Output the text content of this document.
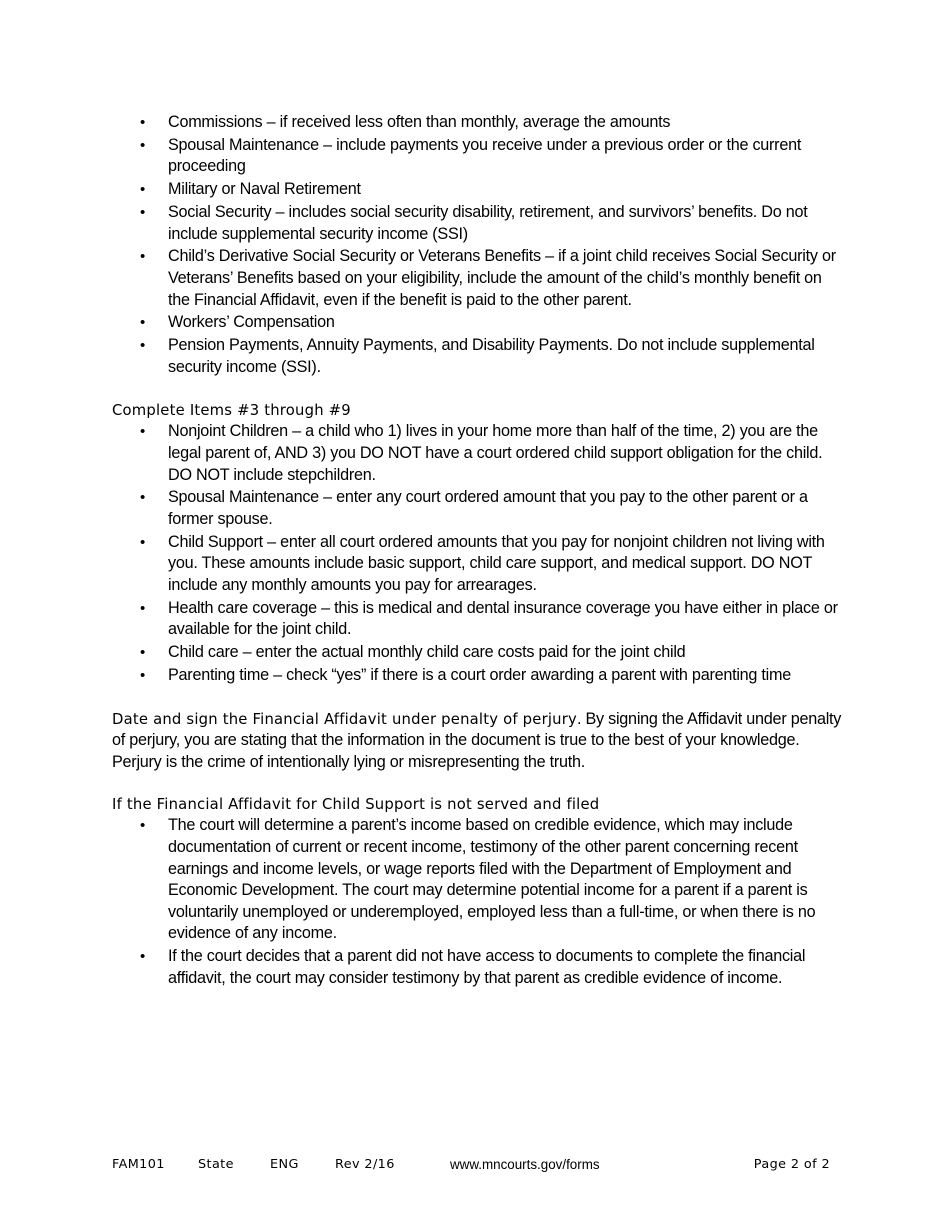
• Commissions – if received less often than monthly, average the amounts
• Spousal Maintenance – include payments you receive under a previous order or the current proceeding
• Military or Naval Retirement
• Social Security – includes social security disability, retirement, and survivors’ benefits. Do not include supplemental security income (SSI)
• Child’s Derivative Social Security or Veterans Benefits – if a joint child receives Social Security or Veterans’ Benefits based on your eligibility, include the amount of the child’s monthly benefit on the Financial Affidavit, even if the benefit is paid to the other parent.
• Workers’ Compensation
• Pension Payments, Annuity Payments, and Disability Payments. Do not include supplemental security income (SSI).

Complete Items #3 through #9

• Nonjoint Children – a child who 1) lives in your home more than half of the time, 2) you are the legal parent of, AND 3) you DO NOT have a court ordered child support obligation for the child. DO NOT include stepchildren.
• Spousal Maintenance – enter any court ordered amount that you pay to the other parent or a former spouse.
• Child Support – enter all court ordered amounts that you pay for nonjoint children not living with you. These amounts include basic support, child care support, and medical support. DO NOT include any monthly amounts you pay for arrearages.
• Health care coverage – this is medical and dental insurance coverage you have either in place or available for the joint child.
• Child care – enter the actual monthly child care costs paid for the joint child
• Parenting time – check “yes” if there is a court order awarding a parent with parenting time

Date and sign the Financial Affidavit under penalty of perjury. By signing the Affidavit under penalty of perjury, you are stating that the information in the document is true to the best of your knowledge. Perjury is the crime of intentionally lying or misrepresenting the truth.

If the Financial Affidavit for Child Support is not served and filed

• The court will determine a parent’s income based on credible evidence, which may include documentation of current or recent income, testimony of the other parent concerning recent earnings and income levels, or wage reports filed with the Department of Employment and Economic Development. The court may determine potential income for a parent if a parent is voluntarily unemployed or underemployed, employed less than a full-time, or when there is no evidence of any income.
• If the court decides that a parent did not have access to documents to complete the financial affidavit, the court may consider testimony by that parent as credible evidence of income.
FAM101	State	ENG	Rev 2/16	www.mncourts.gov/forms	Page 2 of 2
